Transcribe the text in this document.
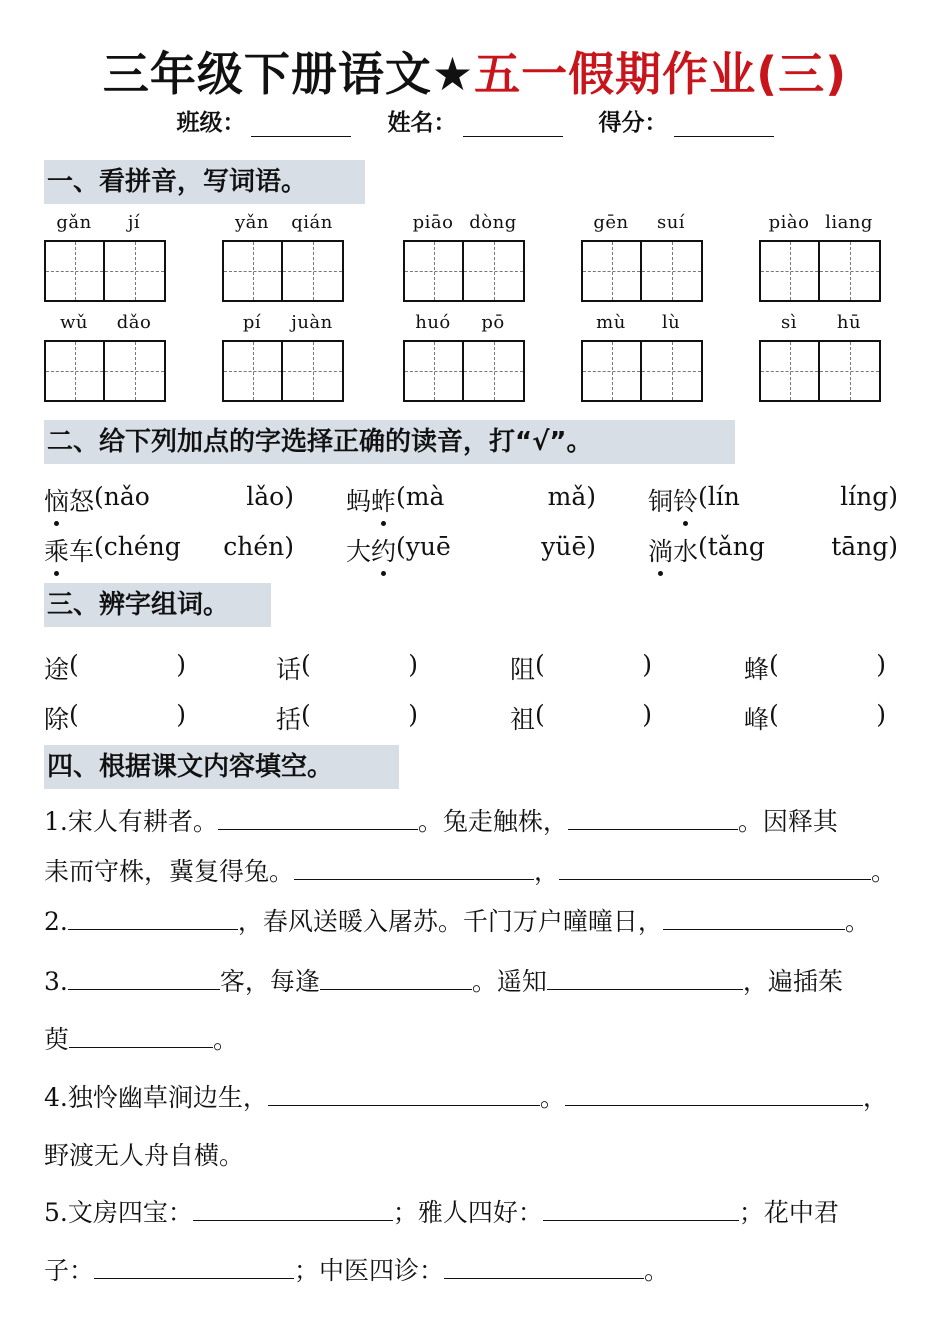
三年级下册语文★五一假期作业(三)
班级：	姓名：	得分：
一、看拼音，写词语。
gǎn	jí	yǎn	qián	piāo dòng	gēn	suí	piào liang
wǔ	dǎo	pí	juàn	huó	pō	mù	lù	sì	hū
二、给下列加点的字选择正确的读音，打“√”。
恼 怒 (nǎo	lǎo) 蚂 蚱 (mà	mǎ) 铜 铃 (lín	líng)
乘 车 (chéng chén) 大 约 (yuē	yüē) 淌 水 (tǎng	tāng)
三、辨字组词。
途 (	)	话 (	)	阻 (	)	蜂 (	)
除 (	)	括 (	)	祖 (	)	峰 (	)
四、根据课文内容填空。
1.宋人有耕者。	。兔走触株，	。因释其
耒而守株，冀复得兔。	，	。
2.	，春风送暖入屠苏。千门万户曈曈日，	。
3.	客，每逢	。遥知	，遍插茱
萸	。
4.独怜幽草涧边生，	。	，
野渡无人舟自横。
5.文房四宝：	；雅人四好：	；花中君
子：	；中医四诊：	。
